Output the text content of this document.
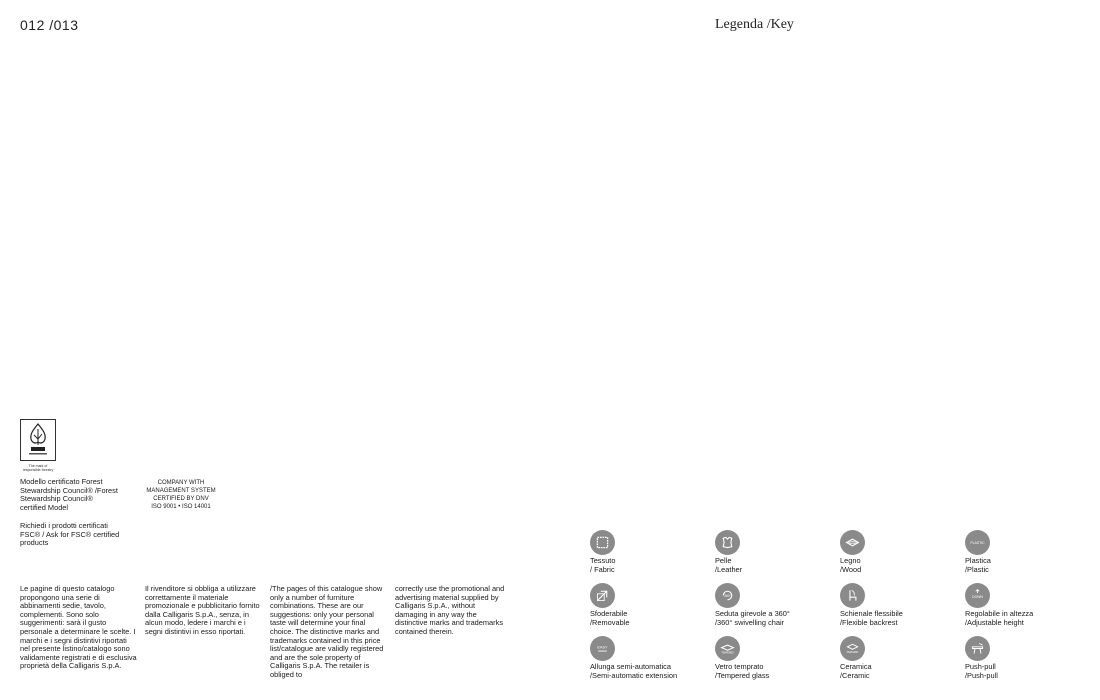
012 /013	Legenda /Key
The mark of responsible forestry
Modello certificato Forest Stewardship Council® /Forest Stewardship Council® certified Model
Richiedi i prodotti certificati FSC® / Ask for FSC® certified products
COMPANY WITH
MANAGEMENT SYSTEM
CERTIFIED BY DNV
ISO 9001 • ISO 14001
Le pagine di questo catalogo propongono una serie di abbinamenti sedie, tavolo, complementi. Sono solo suggerimenti: sarà il gusto personale a determinare le scelte. I marchi e i segni distintivi riportati nel presente listino/catalogo sono validamente registrati e di esclusiva proprietà della Calligaris S.p.A.
Il rivenditore si obbliga a utilizzare correttamente il materiale promozionale e pubblicitario fornito dalla Calligaris S.p.A., senza, in alcun modo, ledere i marchi e i segni distintivi in esso riportati.
/The pages of this catalogue show only a number of furniture combinations. These are our suggestions: only your personal taste will determine your final choice. The distinctive marks and trademarks contained in this price list/catalogue are validly registered and are the sole property of Calligaris S.p.A. The retailer is obliged to
correctly use the promotional and advertising material supplied by Calligaris S.p.A., without damaging in any way the distinctive marks and trademarks contained therein.
Tessuto
/ Fabric
Pelle
/Leather
Legno
/Wood
PLASTIC
Plastica
/Plastic
Sfoderabile
/Removable
360°
Seduta girevole a 360°
/360° swivelling chair
Schienale flessibile
/Flexible backrest
DOWN
Regolabile in altezza
/Adjustable height
EASY
Allunga semi-automatica
/Semi-automatic extension
TEMPERED
Vetro temprato
/Tempered glass
CERAMIC
Ceramica
/Ceramic
Push-pull
/Push-pull
